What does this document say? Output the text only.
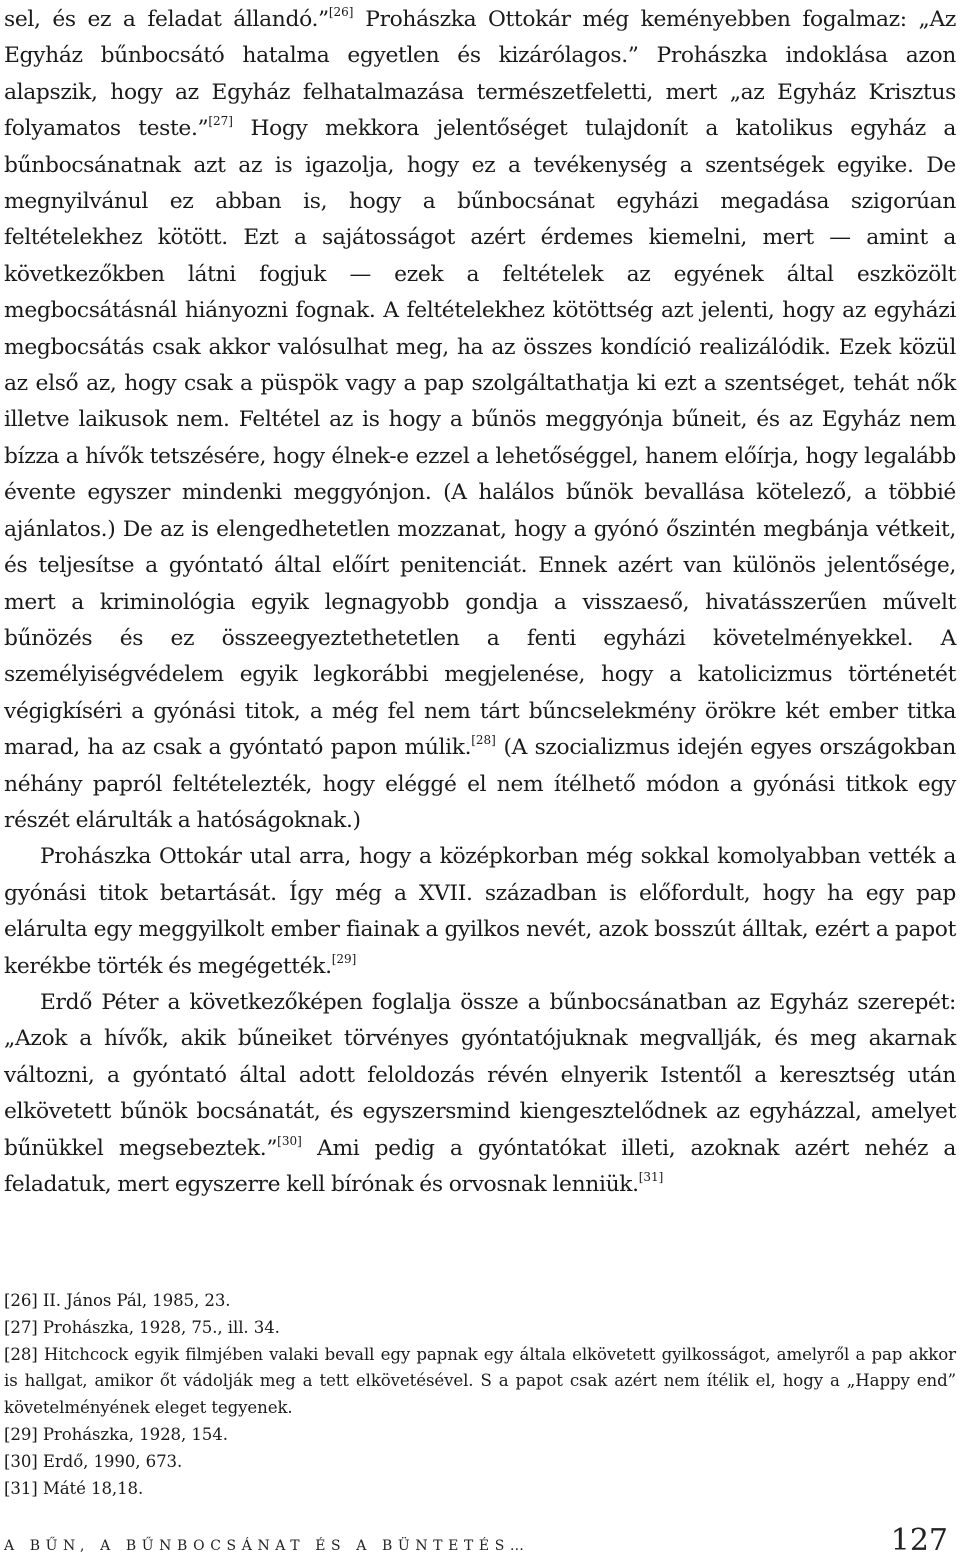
sel, és ez a feladat állandó.”[26] Prohászka Ottokár még keményebben fogalmaz: „Az Egyház bűnbocsátó hatalma egyetlen és kizárólagos.” Prohászka indoklása azon alapszik, hogy az Egyház felhatalmazása természetfeletti, mert „az Egyház Krisztus folyamatos teste.”[27] Hogy mekkora jelentőséget tulajdonít a katolikus egyház a bűnbocsánatnak azt az is igazolja, hogy ez a tevékenység a szentségek egyike. De megnyilvánul ez abban is, hogy a bűnbocsánat egyházi megadása szigorúan feltételekhez kötött. Ezt a sajátosságot azért érdemes kiemelni, mert — amint a következőkben látni fogjuk — ezek a feltételek az egyének által eszközölt megbocsátásnál hiányozni fognak. A feltételekhez kötöttség azt jelenti, hogy az egyházi megbocsátás csak akkor valósulhat meg, ha az összes kondíció realizálódik. Ezek közül az első az, hogy csak a püspök vagy a pap szolgáltathatja ki ezt a szentséget, tehát nők illetve laikusok nem. Feltétel az is hogy a bűnös meggyónja bűneit, és az Egyház nem bízza a hívők tetszésére, hogy élnek-e ezzel a lehetőséggel, hanem előírja, hogy legalább évente egyszer mindenki meggyónjon. (A halálos bűnök bevallása kötelező, a többié ajánlatos.) De az is elengedhetetlen mozzanat, hogy a gyónó őszintén megbánja vétkeit, és teljesítse a gyóntató által előírt penitenciát. Ennek azért van különös jelentősége, mert a kriminológia egyik legnagyobb gondja a visszaeső, hivatásszerűen művelt bűnözés és ez összeegyeztethetetlen a fenti egyházi követelményekkel. A személyiségvédelem egyik legkorábbi megjelenése, hogy a katolicizmus történetét végigkíséri a gyónási titok, a még fel nem tárt bűncselekmény örökre két ember titka marad, ha az csak a gyóntató papon múlik.[28] (A szocializmus idején egyes országokban néhány papról feltételezték, hogy eléggé el nem ítélhető módon a gyónási titkok egy részét elárulták a hatóságoknak.)

Prohászka Ottokár utal arra, hogy a középkorban még sokkal komolyabban vették a gyónási titok betartását. Így még a XVII. században is előfordult, hogy ha egy pap elárulta egy meggyilkolt ember fiainak a gyilkos nevét, azok bosszút álltak, ezért a papot kerékbe törték és megégették.[29]

Erdő Péter a következőképen foglalja össze a bűnbocsánatban az Egyház szerepét: „Azok a hívők, akik bűneiket törvényes gyóntatójuknak megvallják, és meg akarnak változni, a gyóntató által adott feloldozás révén elnyerik Istentől a keresztség után elkövetett bűnök bocsánatát, és egyszersmind kiengesztelődnek az egyházzal, amelyet bűnükkel megsebeztek.”[30] Ami pedig a gyóntatókat illeti, azoknak azért nehéz a feladatuk, mert egyszerre kell bírónak és orvosnak lenniük.[31]

[26] II. János Pál, 1985, 23.

[27] Prohászka, 1928, 75., ill. 34.

[28] Hitchcock egyik filmjében valaki bevall egy papnak egy általa elkövetett gyilkosságot, amelyről a pap akkor is hallgat, amikor őt vádolják meg a tett elkövetésével. S a papot csak azért nem ítélik el, hogy a „Happy end” követelményének eleget tegyenek.

[29] Prohászka, 1928, 154.

[30] Erdő, 1990, 673.

[31] Máté 18,18.

A BŰN, A BŰNBOCSÁNAT ÉS A BÜNTETÉS…	127
